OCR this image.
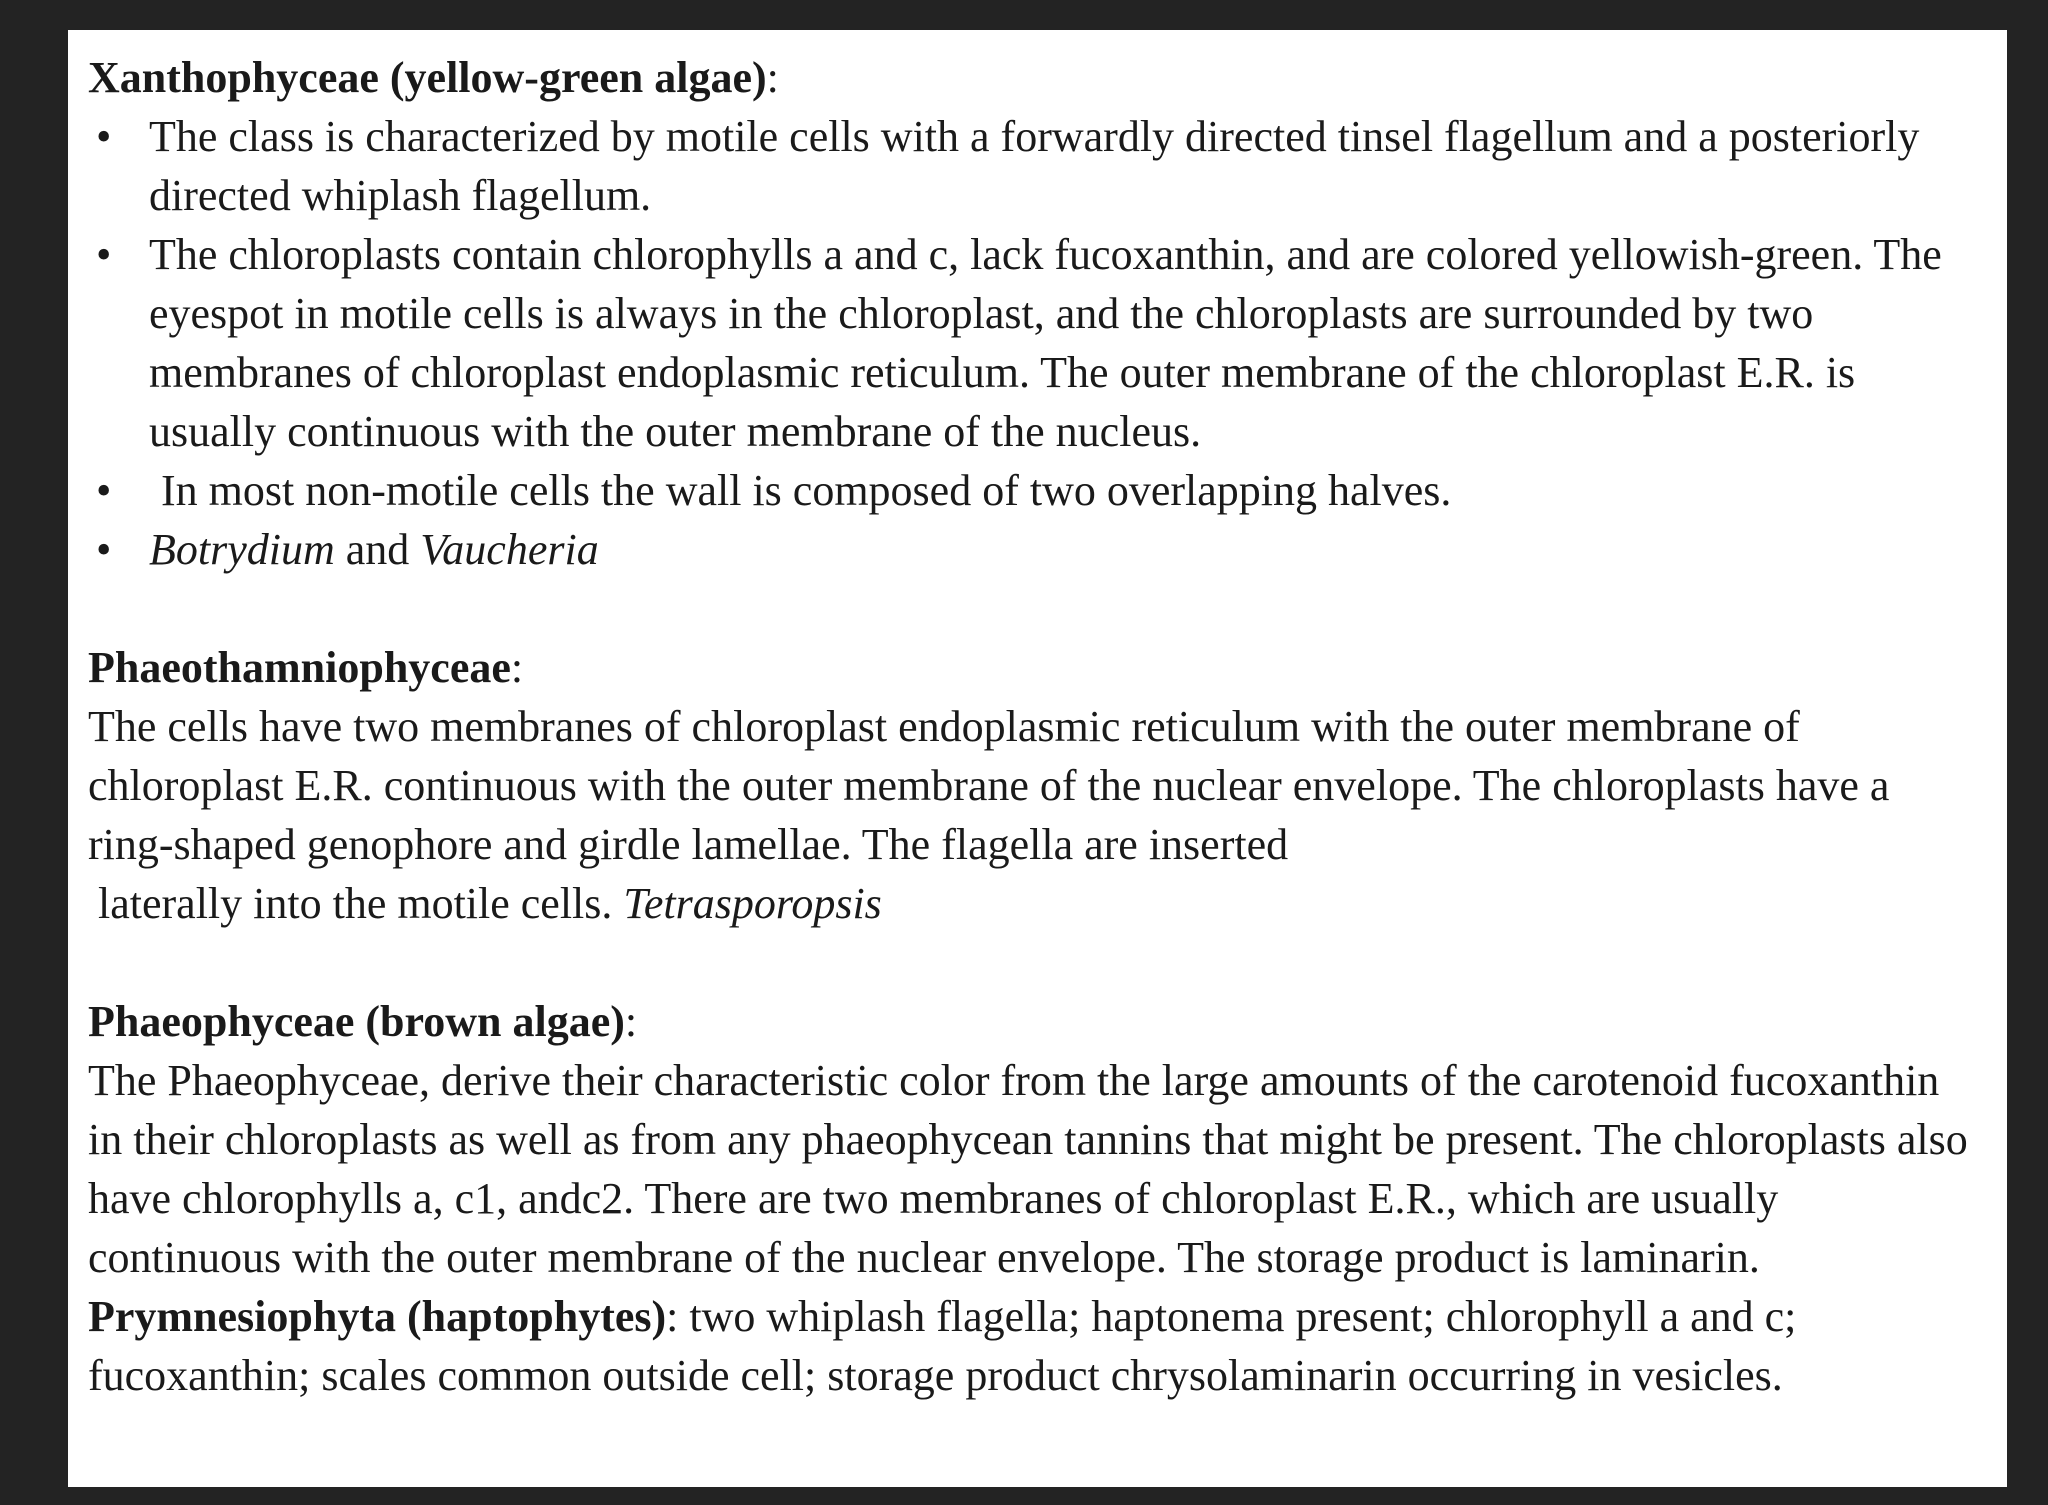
Xanthophyceae (yellow-green algae):
• The class is characterized by motile cells with a forwardly directed tinsel flagellum and a posteriorly directed whiplash flagellum.
• The chloroplasts contain chlorophylls a and c, lack fucoxanthin, and are colored yellowish-green. The eyespot in motile cells is always in the chloroplast, and the chloroplasts are surrounded by two membranes of chloroplast endoplasmic reticulum. The outer membrane of the chloroplast E.R. is usually continuous with the outer membrane of the nucleus.
• In most non-motile cells the wall is composed of two overlapping halves.
• Botrydium and Vaucheria
Phaeothamniophyceae:
The cells have two membranes of chloroplast endoplasmic reticulum with the outer membrane of chloroplast E.R. continuous with the outer membrane of the nuclear envelope. The chloroplasts have a ring-shaped genophore and girdle lamellae. The flagella are inserted
laterally into the motile cells. Tetrasporopsis
Phaeophyceae (brown algae):
The Phaeophyceae, derive their characteristic color from the large amounts of the carotenoid fucoxanthin in their chloroplasts as well as from any phaeophycean tannins that might be present. The chloroplasts also have chlorophylls a, c1, andc2. There are two membranes of chloroplast E.R., which are usually continuous with the outer membrane of the nuclear envelope. The storage product is laminarin.
Prymnesiophyta (haptophytes): two whiplash flagella; haptonema present; chlorophyll a and c; fucoxanthin; scales common outside cell; storage product chrysolaminarin occurring in vesicles.
